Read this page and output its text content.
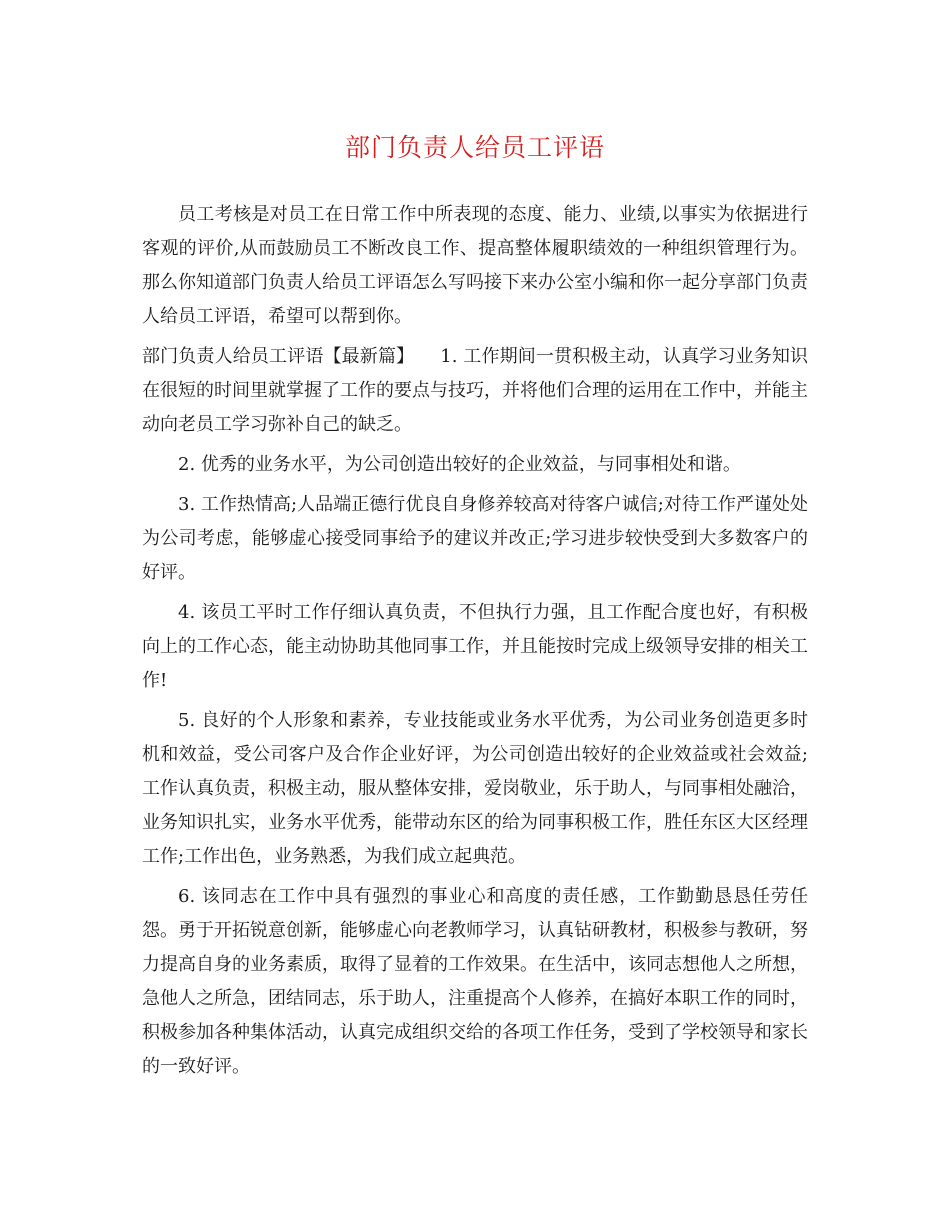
部门负责人给员工评语

员工考核是对员工在日常工作中所表现的态度、能力、业绩,以事实为依据进行客观的评价,从而鼓励员工不断改良工作、提高整体履职绩效的一种组织管理行为。那么你知道部门负责人给员工评语怎么写吗接下来办公室小编和你一起分享部门负责人给员工评语，希望可以帮到你。

部门负责人给员工评语【最新篇】 1. 工作期间一贯积极主动，认真学习业务知识在很短的时间里就掌握了工作的要点与技巧，并将他们合理的运用在工作中，并能主动向老员工学习弥补自己的缺乏。

2. 优秀的业务水平，为公司创造出较好的企业效益，与同事相处和谐。

3. 工作热情高;人品端正德行优良自身修养较高对待客户诚信;对待工作严谨处处为公司考虑，能够虚心接受同事给予的建议并改正;学习进步较快受到大多数客户的好评。

4. 该员工平时工作仔细认真负责，不但执行力强，且工作配合度也好，有积极向上的工作心态，能主动协助其他同事工作，并且能按时完成上级领导安排的相关工作!

5. 良好的个人形象和素养，专业技能或业务水平优秀，为公司业务创造更多时机和效益，受公司客户及合作企业好评，为公司创造出较好的企业效益或社会效益;工作认真负责，积极主动，服从整体安排，爱岗敬业，乐于助人，与同事相处融洽，业务知识扎实，业务水平优秀，能带动东区的给为同事积极工作，胜任东区大区经理工作;工作出色，业务熟悉，为我们成立起典范。

6. 该同志在工作中具有强烈的事业心和高度的责任感，工作勤勤恳恳任劳任怨。勇于开拓锐意创新，能够虚心向老教师学习，认真钻研教材，积极参与教研，努力提高自身的业务素质，取得了显着的工作效果。在生活中，该同志想他人之所想，急他人之所急，团结同志，乐于助人，注重提高个人修养，在搞好本职工作的同时，积极参加各种集体活动，认真完成组织交给的各项工作任务，受到了学校领导和家长的一致好评。
